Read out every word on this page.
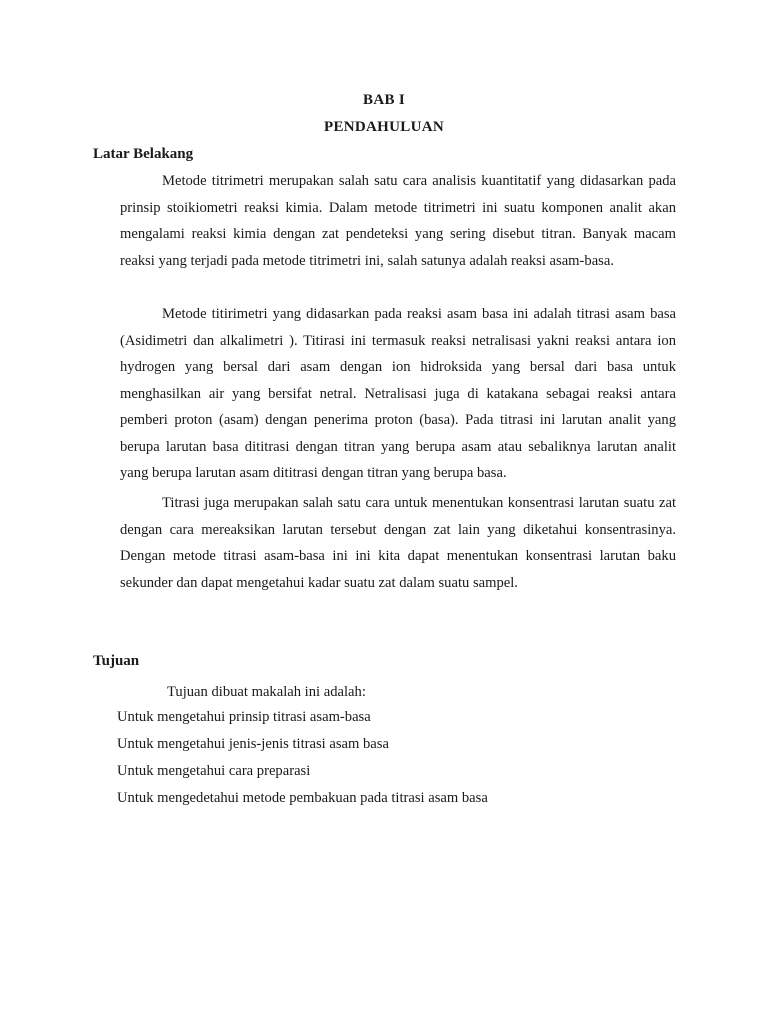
BAB I
PENDAHULUAN
Latar Belakang

Metode titrimetri merupakan salah satu cara analisis kuantitatif yang didasarkan pada prinsip stoikiometri reaksi kimia. Dalam metode titrimetri ini suatu komponen analit akan mengalami reaksi kimia dengan zat pendeteksi yang sering disebut titran. Banyak macam reaksi yang terjadi pada metode titrimetri ini, salah satunya adalah reaksi asam-basa.

Metode titirimetri yang didasarkan pada reaksi asam basa ini adalah titrasi asam basa (Asidimetri dan alkalimetri ). Titirasi ini termasuk reaksi netralisasi yakni reaksi antara ion hydrogen yang bersal dari asam dengan ion hidroksida yang bersal dari basa untuk menghasilkan air yang bersifat netral. Netralisasi juga di katakana sebagai reaksi antara pemberi proton (asam) dengan penerima proton (basa). Pada titrasi ini larutan analit yang berupa larutan basa dititrasi dengan titran yang berupa asam atau sebaliknya larutan analit yang berupa larutan asam dititrasi dengan titran yang berupa basa.

Titrasi juga merupakan salah satu cara untuk menentukan konsentrasi larutan suatu zat dengan cara mereaksikan larutan tersebut dengan zat lain yang diketahui konsentrasinya. Dengan metode titrasi asam-basa ini ini kita dapat menentukan konsentrasi larutan baku sekunder dan dapat mengetahui kadar suatu zat dalam suatu sampel.

Tujuan

Tujuan dibuat makalah ini adalah:

Untuk mengetahui prinsip titrasi asam-basa
Untuk mengetahui jenis-jenis titrasi asam basa
Untuk mengetahui cara preparasi
Untuk mengedetahui metode pembakuan pada titrasi asam basa
